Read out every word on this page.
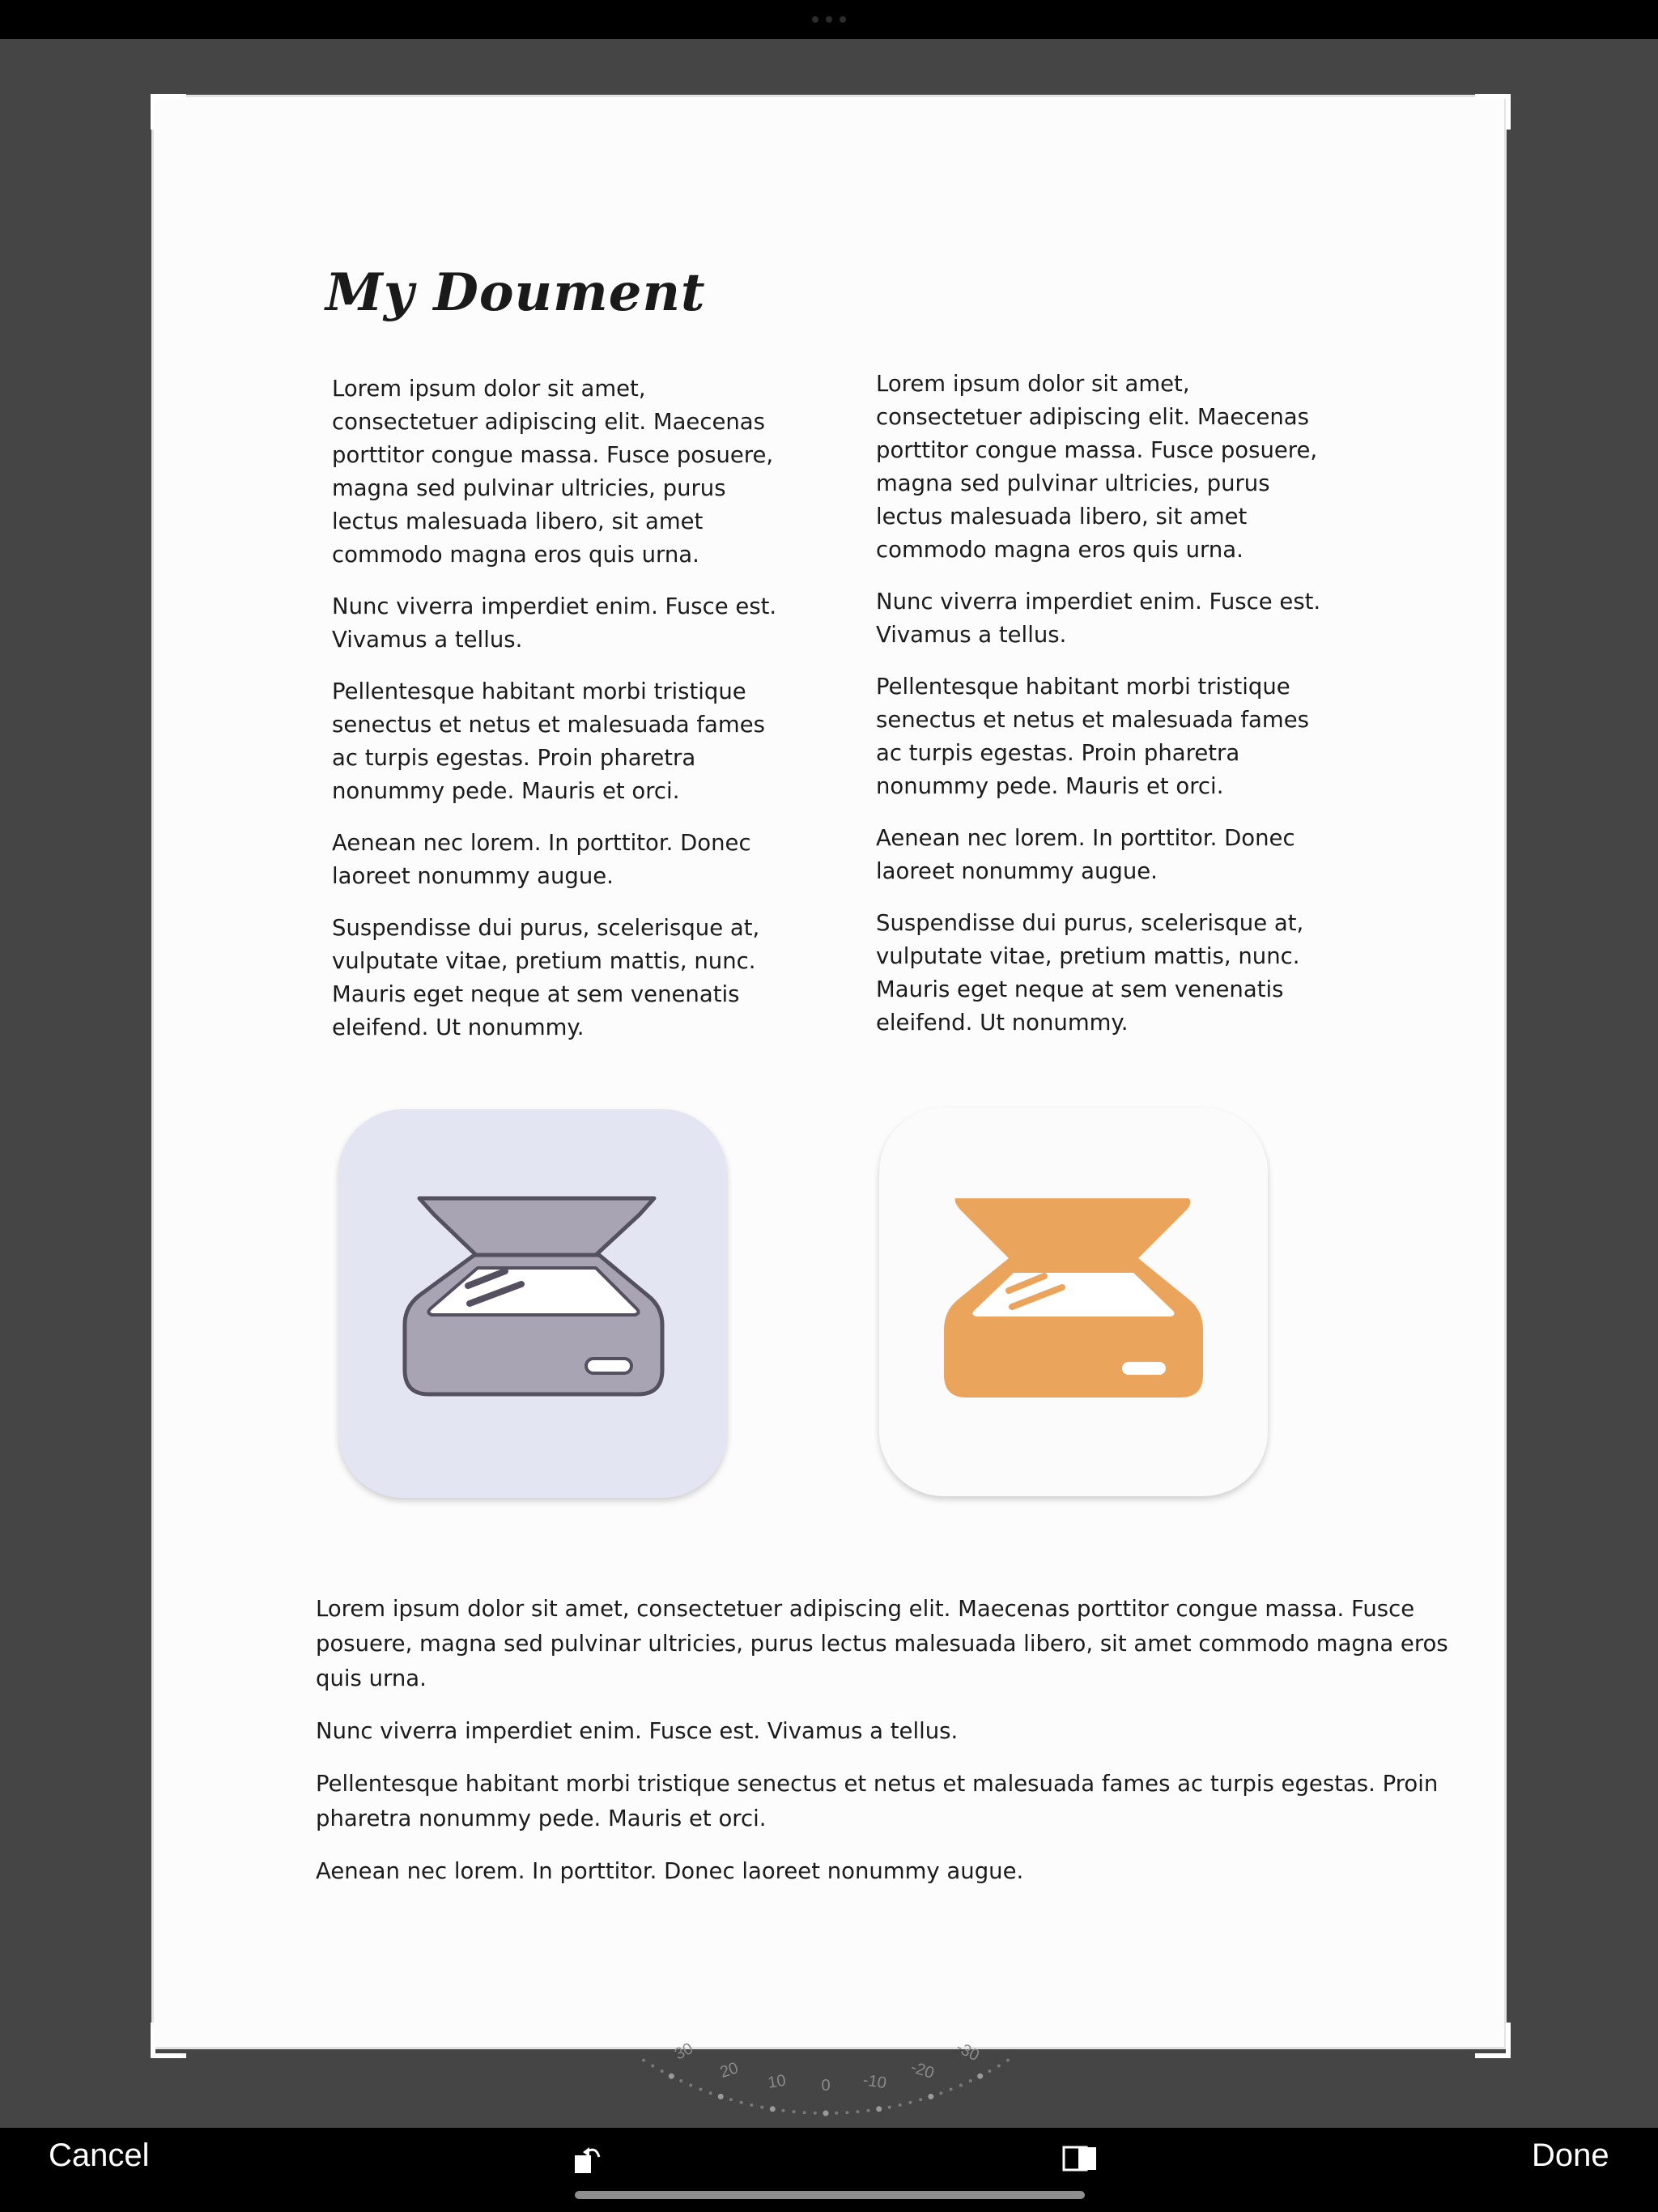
My Doument

Lorem ipsum dolor sit amet, consectetuer adipiscing elit. Maecenas porttitor congue massa. Fusce posuere, magna sed pulvinar ultricies, purus lectus malesuada libero, sit amet commodo magna eros quis urna.

Nunc viverra imperdiet enim. Fusce est. Vivamus a tellus.

Pellentesque habitant morbi tristique senectus et netus et malesuada fames ac turpis egestas. Proin pharetra nonummy pede. Mauris et orci.

Aenean nec lorem. In porttitor. Donec laoreet nonummy augue.

Suspendisse dui purus, scelerisque at, vulputate vitae, pretium mattis, nunc. Mauris eget neque at sem venenatis eleifend. Ut nonummy.

Lorem ipsum dolor sit amet, consectetuer adipiscing elit. Maecenas porttitor congue massa. Fusce posuere, magna sed pulvinar ultricies, purus lectus malesuada libero, sit amet commodo magna eros quis urna.

Nunc viverra imperdiet enim. Fusce est. Vivamus a tellus.

Pellentesque habitant morbi tristique senectus et netus et malesuada fames ac turpis egestas. Proin pharetra nonummy pede. Mauris et orci.

Aenean nec lorem. In porttitor. Donec laoreet nonummy augue.

Suspendisse dui purus, scelerisque at, vulputate vitae, pretium mattis, nunc. Mauris eget neque at sem venenatis eleifend. Ut nonummy.

Lorem ipsum dolor sit amet, consectetuer adipiscing elit. Maecenas porttitor congue massa. Fusce posuere, magna sed pulvinar ultricies, purus lectus malesuada libero, sit amet commodo magna eros quis urna.

Nunc viverra imperdiet enim. Fusce est. Vivamus a tellus.

Pellentesque habitant morbi tristique senectus et netus et malesuada fames ac turpis egestas. Proin pharetra nonummy pede. Mauris et orci.

Aenean nec lorem. In porttitor. Donec laoreet nonummy augue.

-30
-20
-10
0
10
20
30
Cancel	Done
